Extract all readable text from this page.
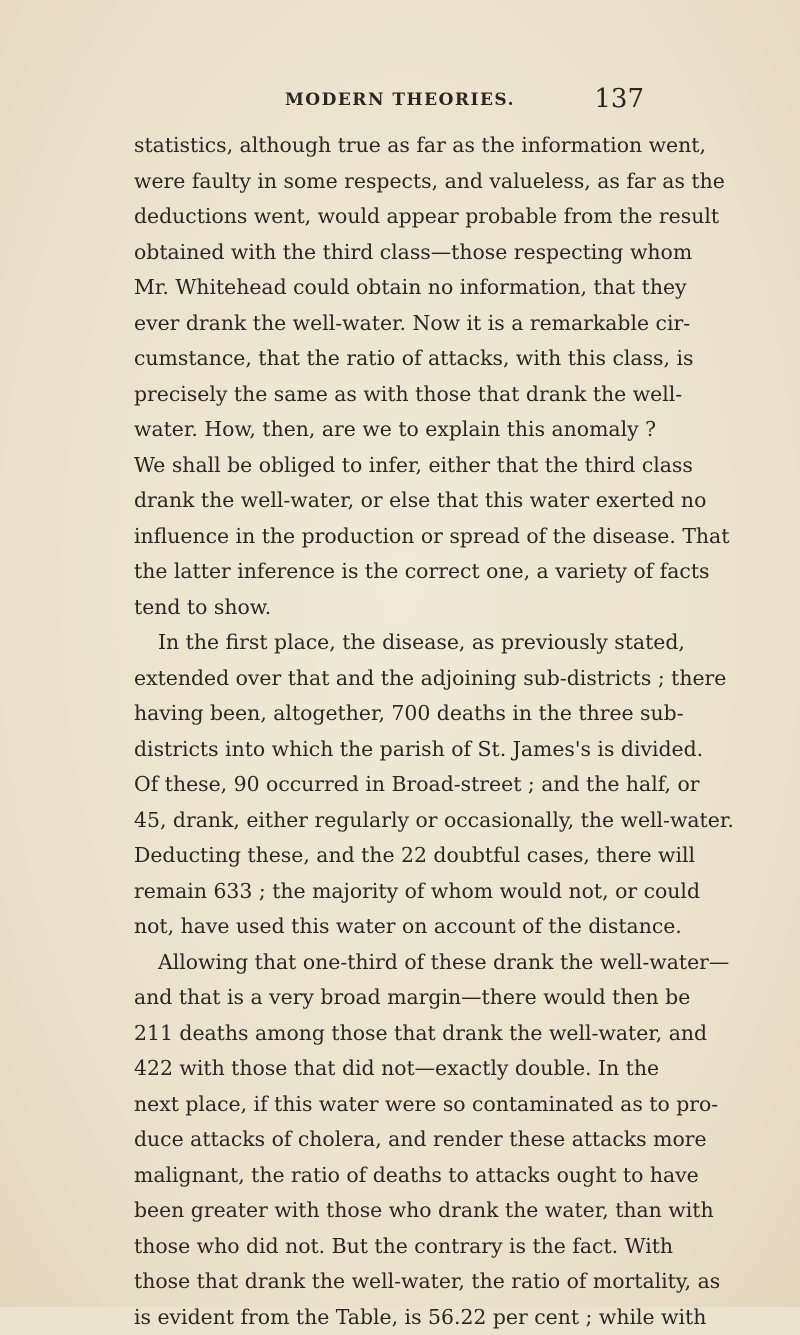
MODERN THEORIES.	137
statistics, although true as far as the information went,
were faulty in some respects, and valueless, as far as the
deductions went, would appear probable from the result
obtained with the third class—those respecting whom
Mr. Whitehead could obtain no information, that they
ever drank the well-water. Now it is a remarkable cir-
cumstance, that the ratio of attacks, with this class, is
precisely the same as with those that drank the well-
water. How, then, are we to explain this anomaly ?
We shall be obliged to infer, either that the third class
drank the well-water, or else that this water exerted no
influence in the production or spread of the disease. That
the latter inference is the correct one, a variety of facts
tend to show.
In the first place, the disease, as previously stated,
extended over that and the adjoining sub-districts ; there
having been, altogether, 700 deaths in the three sub-
districts into which the parish of St. James's is divided.
Of these, 90 occurred in Broad-street ; and the half, or
45, drank, either regularly or occasionally, the well-water.
Deducting these, and the 22 doubtful cases, there will
remain 633 ; the majority of whom would not, or could
not, have used this water on account of the distance.
Allowing that one-third of these drank the well-water—
and that is a very broad margin—there would then be
211 deaths among those that drank the well-water, and
422 with those that did not—exactly double. In the
next place, if this water were so contaminated as to pro-
duce attacks of cholera, and render these attacks more
malignant, the ratio of deaths to attacks ought to have
been greater with those who drank the water, than with
those who did not. But the contrary is the fact. With
those that drank the well-water, the ratio of mortality, as
is evident from the Table, is 56.22 per cent ; while with
